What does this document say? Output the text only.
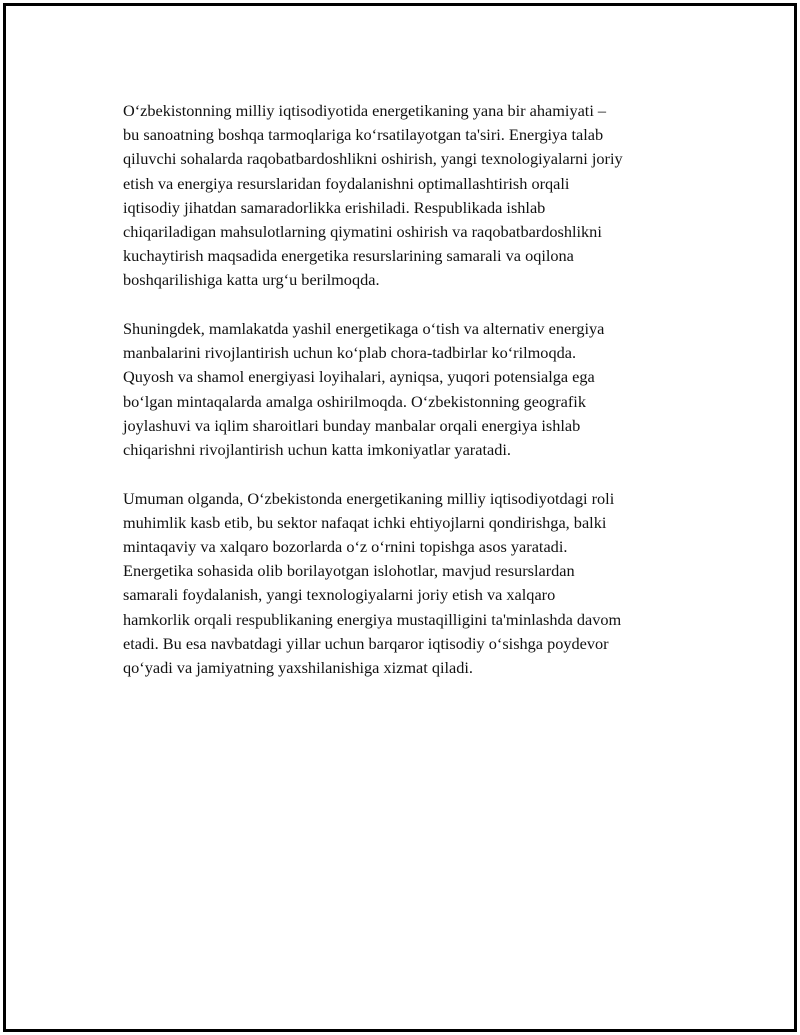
O‘zbekistonning milliy iqtisodiyotida energetikaning yana bir ahamiyati –
bu sanoatning boshqa tarmoqlariga ko‘rsatilayotgan ta'siri. Energiya talab
qiluvchi sohalarda raqobatbardoshlikni oshirish, yangi texnologiyalarni joriy
etish va energiya resurslaridan foydalanishni optimallashtirish orqali
iqtisodiy jihatdan samaradorlikka erishiladi. Respublikada ishlab
chiqariladigan mahsulotlarning qiymatini oshirish va raqobatbardoshlikni
kuchaytirish maqsadida energetika resurslarining samarali va oqilona
boshqarilishiga katta urg‘u berilmoqda.

Shuningdek, mamlakatda yashil energetikaga o‘tish va alternativ energiya
manbalarini rivojlantirish uchun ko‘plab chora-tadbirlar ko‘rilmoqda.
Quyosh va shamol energiyasi loyihalari, ayniqsa, yuqori potensialga ega
bo‘lgan mintaqalarda amalga oshirilmoqda. O‘zbekistonning geografik
joylashuvi va iqlim sharoitlari bunday manbalar orqali energiya ishlab
chiqarishni rivojlantirish uchun katta imkoniyatlar yaratadi.

Umuman olganda, O‘zbekistonda energetikaning milliy iqtisodiyotdagi roli
muhimlik kasb etib, bu sektor nafaqat ichki ehtiyojlarni qondirishga, balki
mintaqaviy va xalqaro bozorlarda o‘z o‘rnini topishga asos yaratadi.
Energetika sohasida olib borilayotgan islohotlar, mavjud resurslardan
samarali foydalanish, yangi texnologiyalarni joriy etish va xalqaro
hamkorlik orqali respublikaning energiya mustaqilligini ta'minlashda davom
etadi. Bu esa navbatdagi yillar uchun barqaror iqtisodiy o‘sishga poydevor
qo‘yadi va jamiyatning yaxshilanishiga xizmat qiladi.
